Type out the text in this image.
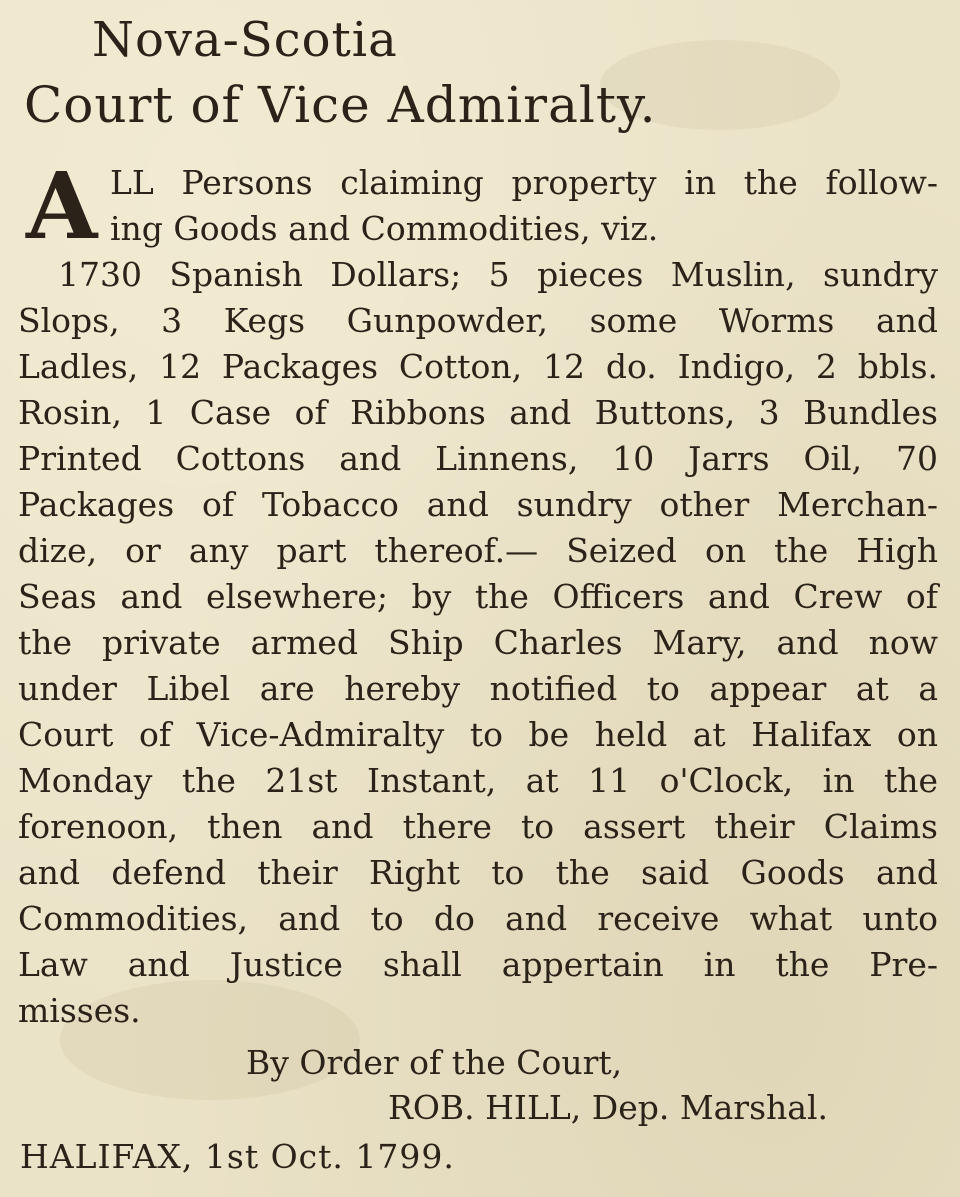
Nova-Scotia
Court of Vice Admiralty.
A LL Persons claiming property in the follow-
ing Goods and Commodities, viz.
1730 Spanish Dollars; 5 pieces Muslin, sundry
Slops, 3 Kegs Gunpowder, some Worms and
Ladles, 12 Packages Cotton, 12 do. Indigo, 2 bbls.
Rosin, 1 Case of Ribbons and Buttons, 3 Bundles
Printed Cottons and Linnens, 10 Jarrs Oil, 70
Packages of Tobacco and sundry other Merchan-
dize, or any part thereof.— Seized on the High
Seas and elsewhere; by the Officers and Crew of
the private armed Ship Charles Mary, and now
under Libel are hereby notified to appear at a
Court of Vice-Admiralty to be held at Halifax on
Monday the 21st Instant, at 11 o'Clock, in the
forenoon, then and there to assert their Claims
and defend their Right to the said Goods and
Commodities, and to do and receive what unto
Law and Justice shall appertain in the Pre-
misses.
By Order of the Court,
ROB. HILL, Dep. Marshal.
HALIFAX, 1st Oct. 1799.
